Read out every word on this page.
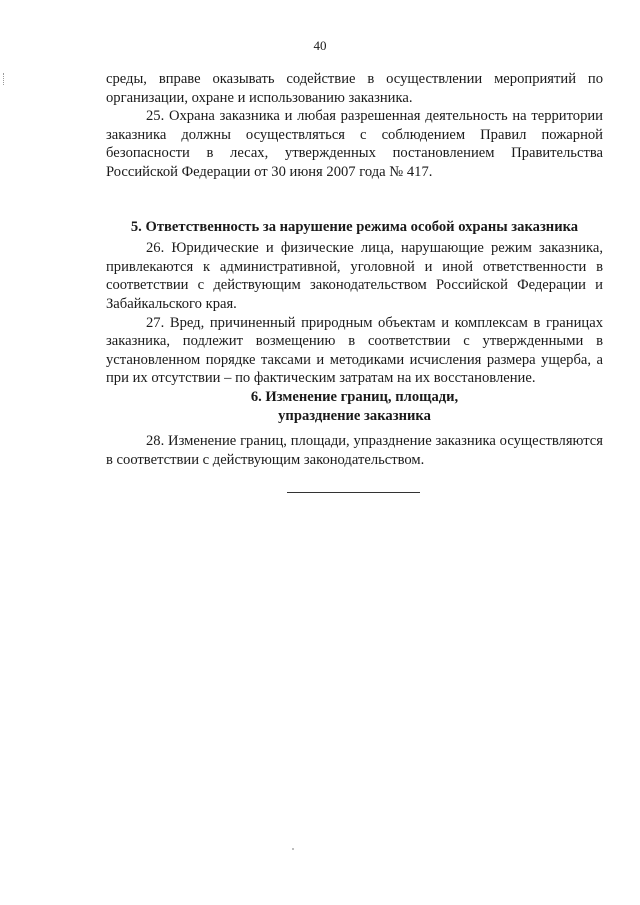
40

среды, вправе оказывать содействие в осуществлении мероприятий по организации, охране и использованию заказника.

25. Охрана заказника и любая разрешенная деятельность на территории заказника должны осуществляться с соблюдением Правил пожарной безопасности в лесах, утвержденных постановлением Правительства Российской Федерации от 30 июня 2007 года № 417.

5. Ответственность за нарушение режима особой охраны заказника

26. Юридические и физические лица, нарушающие режим заказника, привлекаются к административной, уголовной и иной ответственности в соответствии с действующим законодательством Российской Федерации и Забайкальского края.

27. Вред, причиненный природным объектам и комплексам в границах заказника, подлежит возмещению в соответствии с утвержденными в установленном порядке таксами и методиками исчисления размера ущерба, а при их отсутствии – по фактическим затратам на их восстановление.

6. Изменение границ, площади,
упразднение заказника

28. Изменение границ, площади, упразднение заказника осуществляются в соответствии с действующим законодательством.
